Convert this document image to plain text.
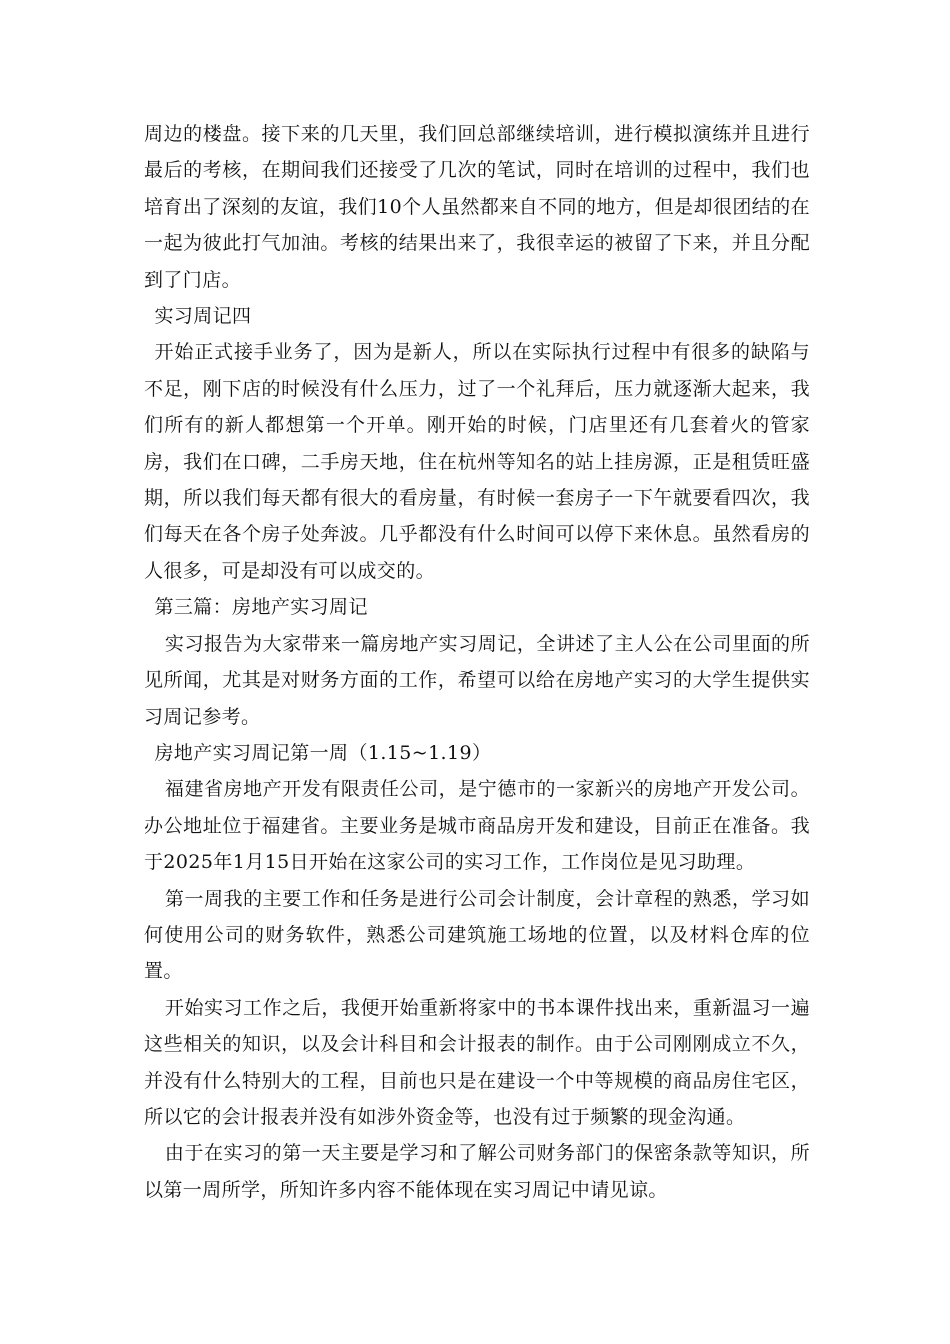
周边的楼盘。接下来的几天里，我们回总部继续培训，进行模拟演练并且进行最后的考核，在期间我们还接受了几次的笔试，同时在培训的过程中，我们也培育出了深刻的友谊，我们10个人虽然都来自不同的地方，但是却很团结的在一起为彼此打气加油。考核的结果出来了，我很幸运的被留了下来，并且分配到了门店。

实习周记四

开始正式接手业务了，因为是新人，所以在实际执行过程中有很多的缺陷与不足，刚下店的时候没有什么压力，过了一个礼拜后，压力就逐渐大起来，我们所有的新人都想第一个开单。刚开始的时候，门店里还有几套着火的管家房，我们在口碑，二手房天地，住在杭州等知名的站上挂房源，正是租赁旺盛期，所以我们每天都有很大的看房量，有时候一套房子一下午就要看四次，我们每天在各个房子处奔波。几乎都没有什么时间可以停下来休息。虽然看房的人很多，可是却没有可以成交的。

第三篇：房地产实习周记

实习报告为大家带来一篇房地产实习周记，全讲述了主人公在公司里面的所见所闻，尤其是对财务方面的工作，希望可以给在房地产实习的大学生提供实习周记参考。

房地产实习周记第一周（1.15~1.19）

福建省房地产开发有限责任公司，是宁德市的一家新兴的房地产开发公司。办公地址位于福建省。主要业务是城市商品房开发和建设，目前正在准备。我于2025年1月15日开始在这家公司的实习工作，工作岗位是见习助理。

第一周我的主要工作和任务是进行公司会计制度，会计章程的熟悉，学习如何使用公司的财务软件，熟悉公司建筑施工场地的位置，以及材料仓库的位置。

开始实习工作之后，我便开始重新将家中的书本课件找出来，重新温习一遍这些相关的知识，以及会计科目和会计报表的制作。由于公司刚刚成立不久，并没有什么特别大的工程，目前也只是在建设一个中等规模的商品房住宅区，所以它的会计报表并没有如涉外资金等，也没有过于频繁的现金沟通。

由于在实习的第一天主要是学习和了解公司财务部门的保密条款等知识，所以第一周所学，所知许多内容不能体现在实习周记中请见谅。
